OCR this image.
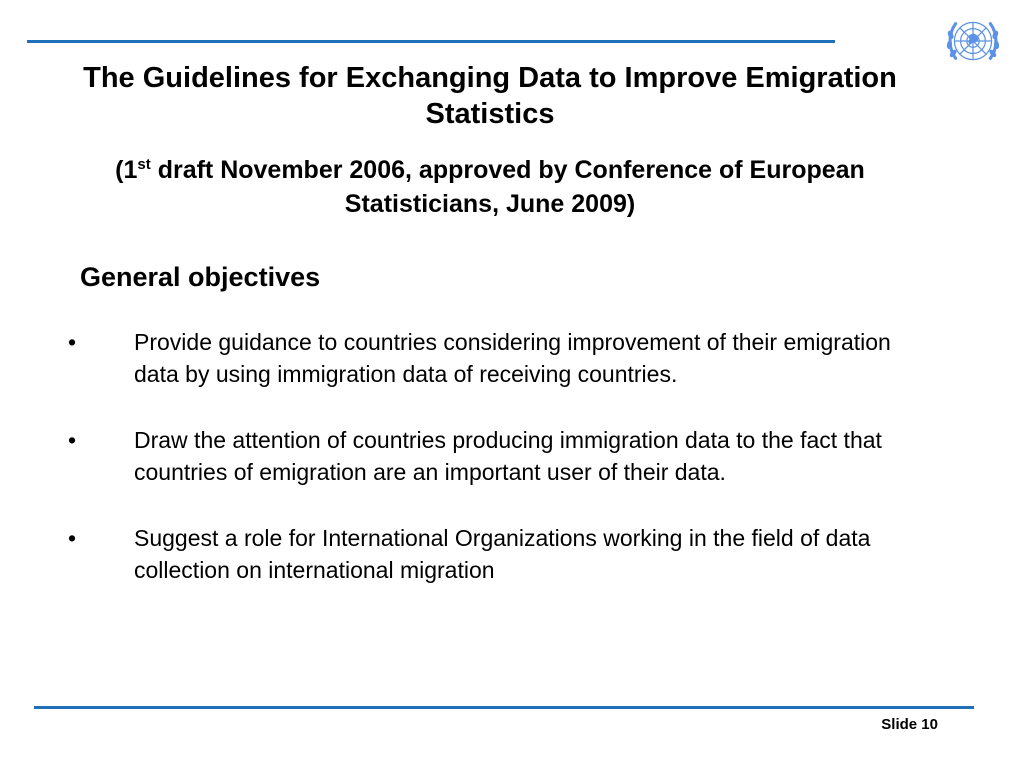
The Guidelines for Exchanging Data to Improve Emigration Statistics

(1st draft November 2006, approved by Conference of European Statisticians, June 2009)

General objectives
•	Provide guidance to countries considering improvement of their emigration data by using immigration data of receiving countries.
•	Draw the attention of countries producing immigration data to the fact that countries of emigration are an important user of their data.
•	Suggest a role for International Organizations working in the field of data collection on international migration
Slide 10
